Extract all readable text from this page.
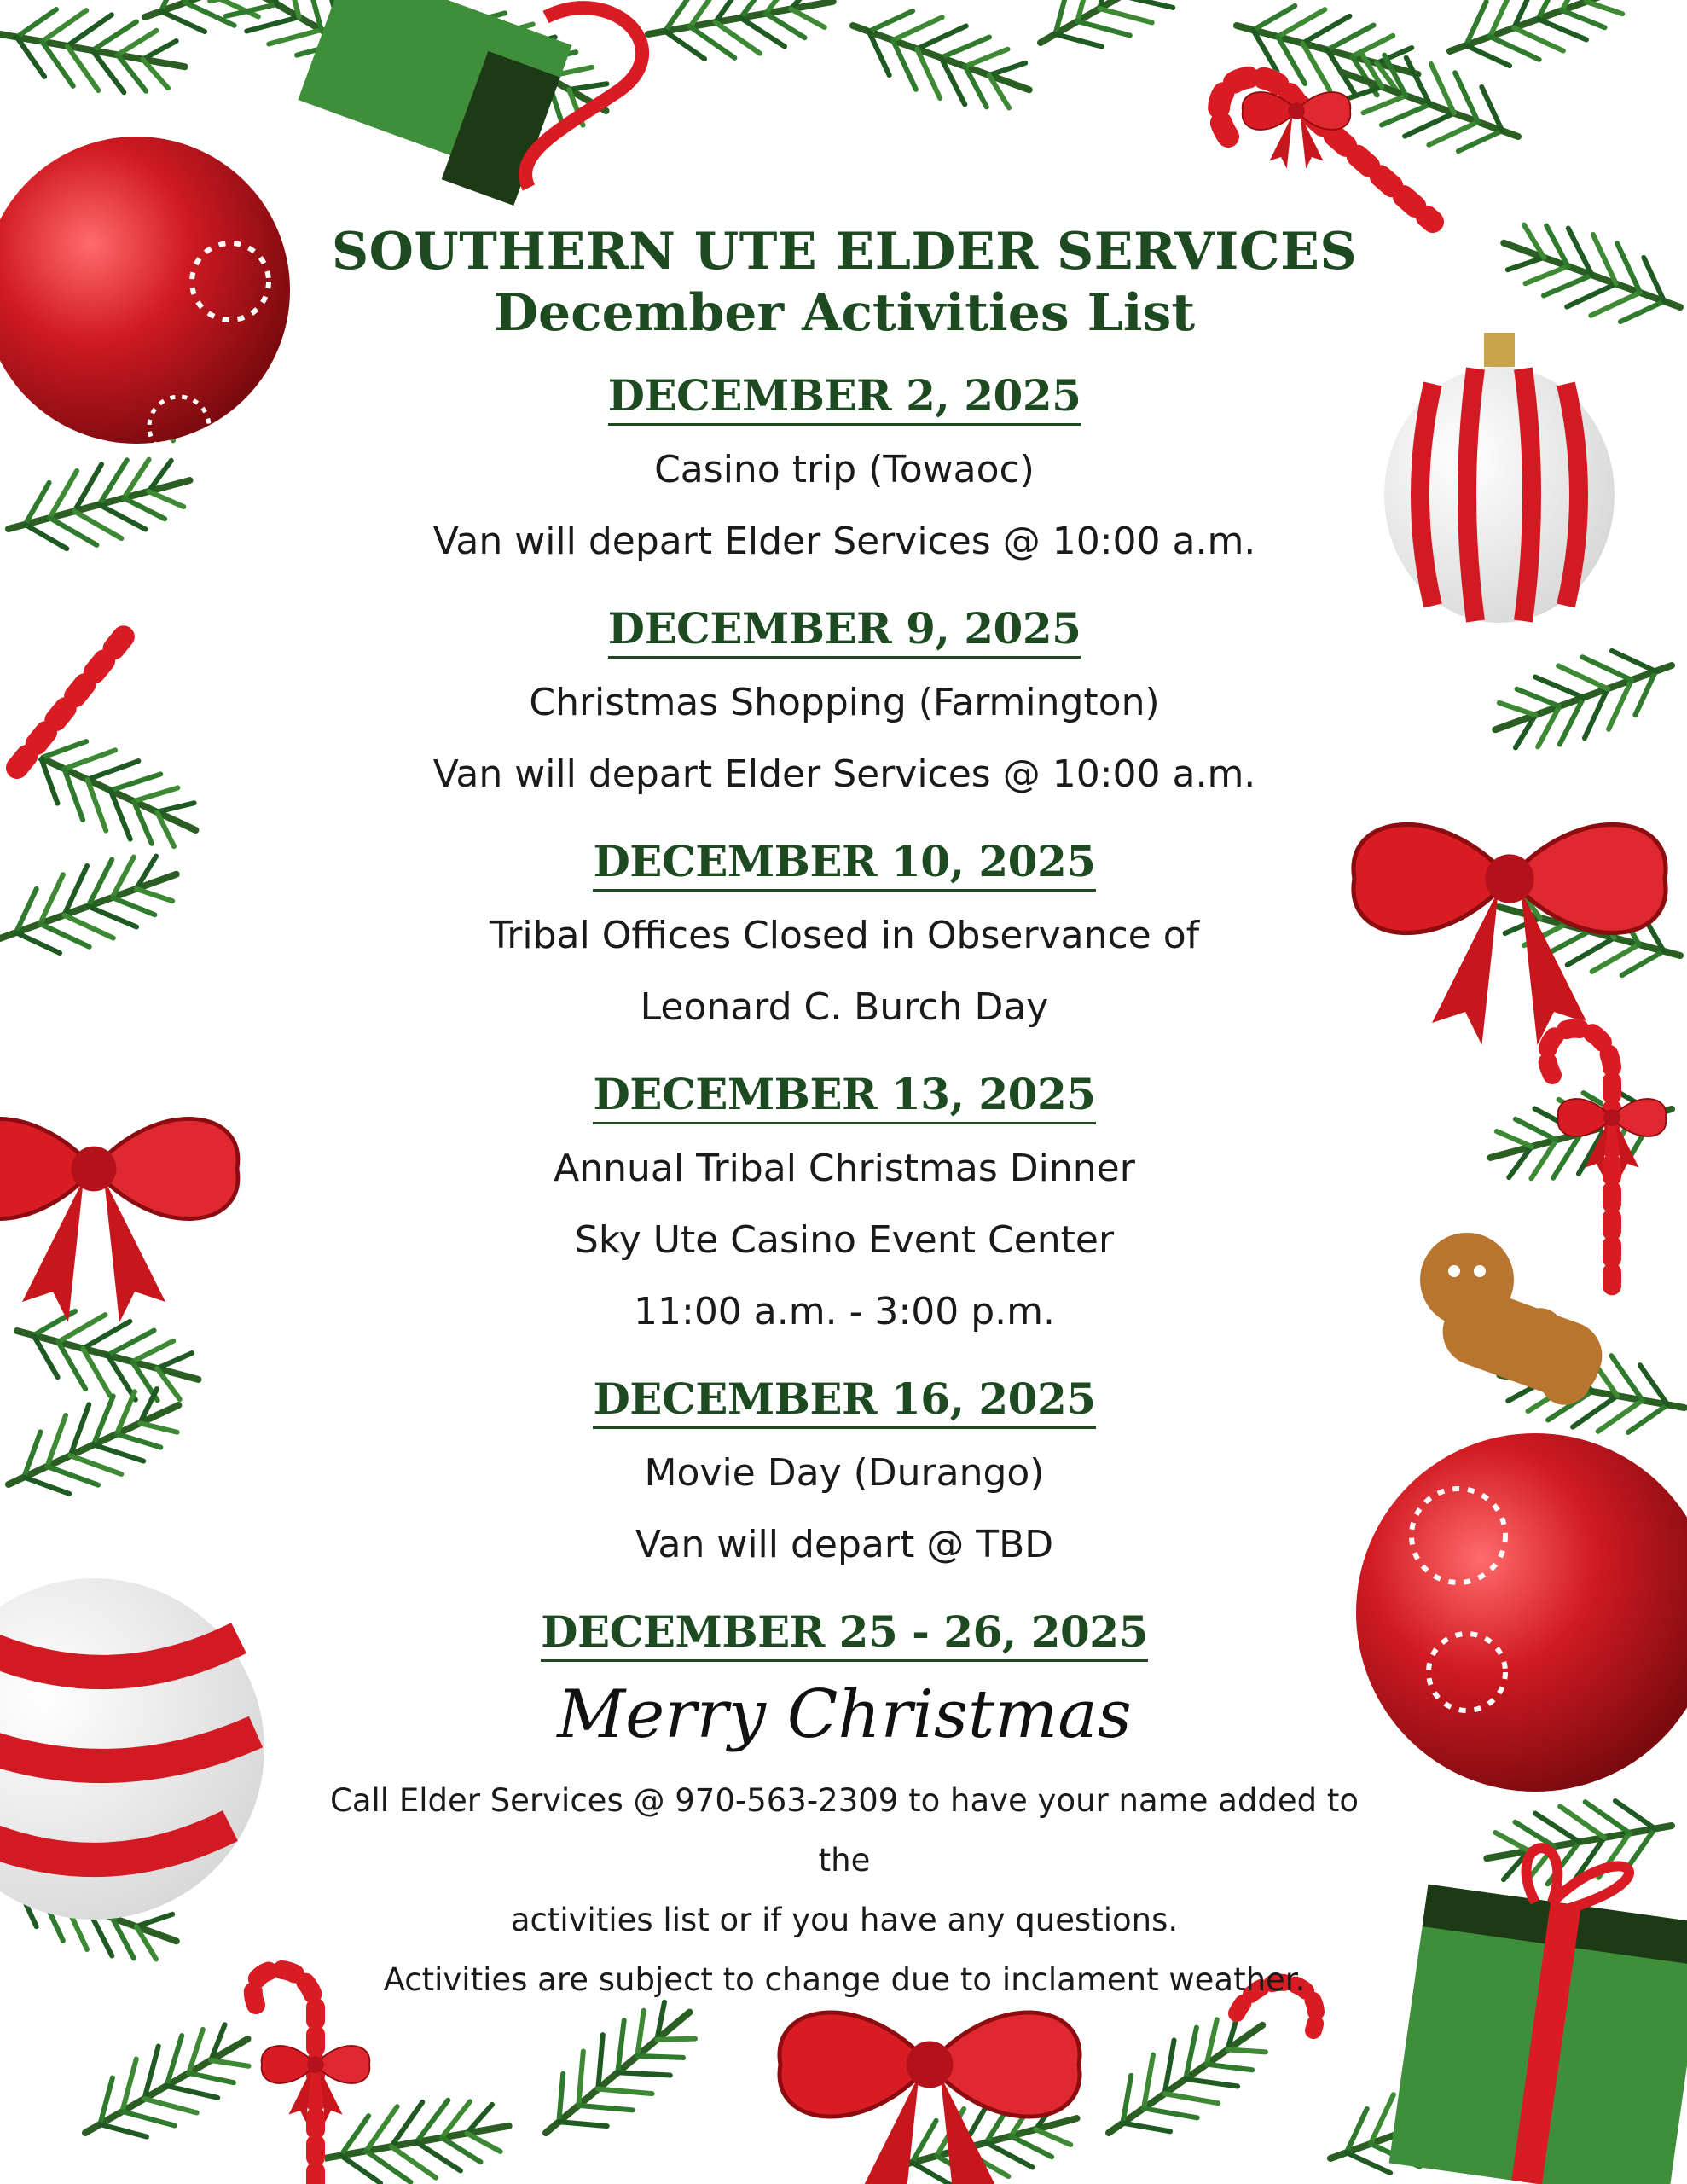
SOUTHERN UTE ELDER SERVICES
December Activities List
DECEMBER 2, 2025
Casino trip (Towaoc)
Van will depart Elder Services @ 10:00 a.m.
DECEMBER 9, 2025
Christmas Shopping (Farmington)
Van will depart Elder Services @ 10:00 a.m.
DECEMBER 10, 2025
Tribal Offices Closed in Observance of
Leonard C. Burch Day
DECEMBER 13, 2025
Annual Tribal Christmas Dinner
Sky Ute Casino Event Center
11:00 a.m. - 3:00 p.m.
DECEMBER 16, 2025
Movie Day (Durango)
Van will depart @ TBD
DECEMBER 25 - 26, 2025
Merry Christmas
Call Elder Services @ 970-563-2309 to have your name added to the
activities list or if you have any questions.
Activities are subject to change due to inclament weather.
